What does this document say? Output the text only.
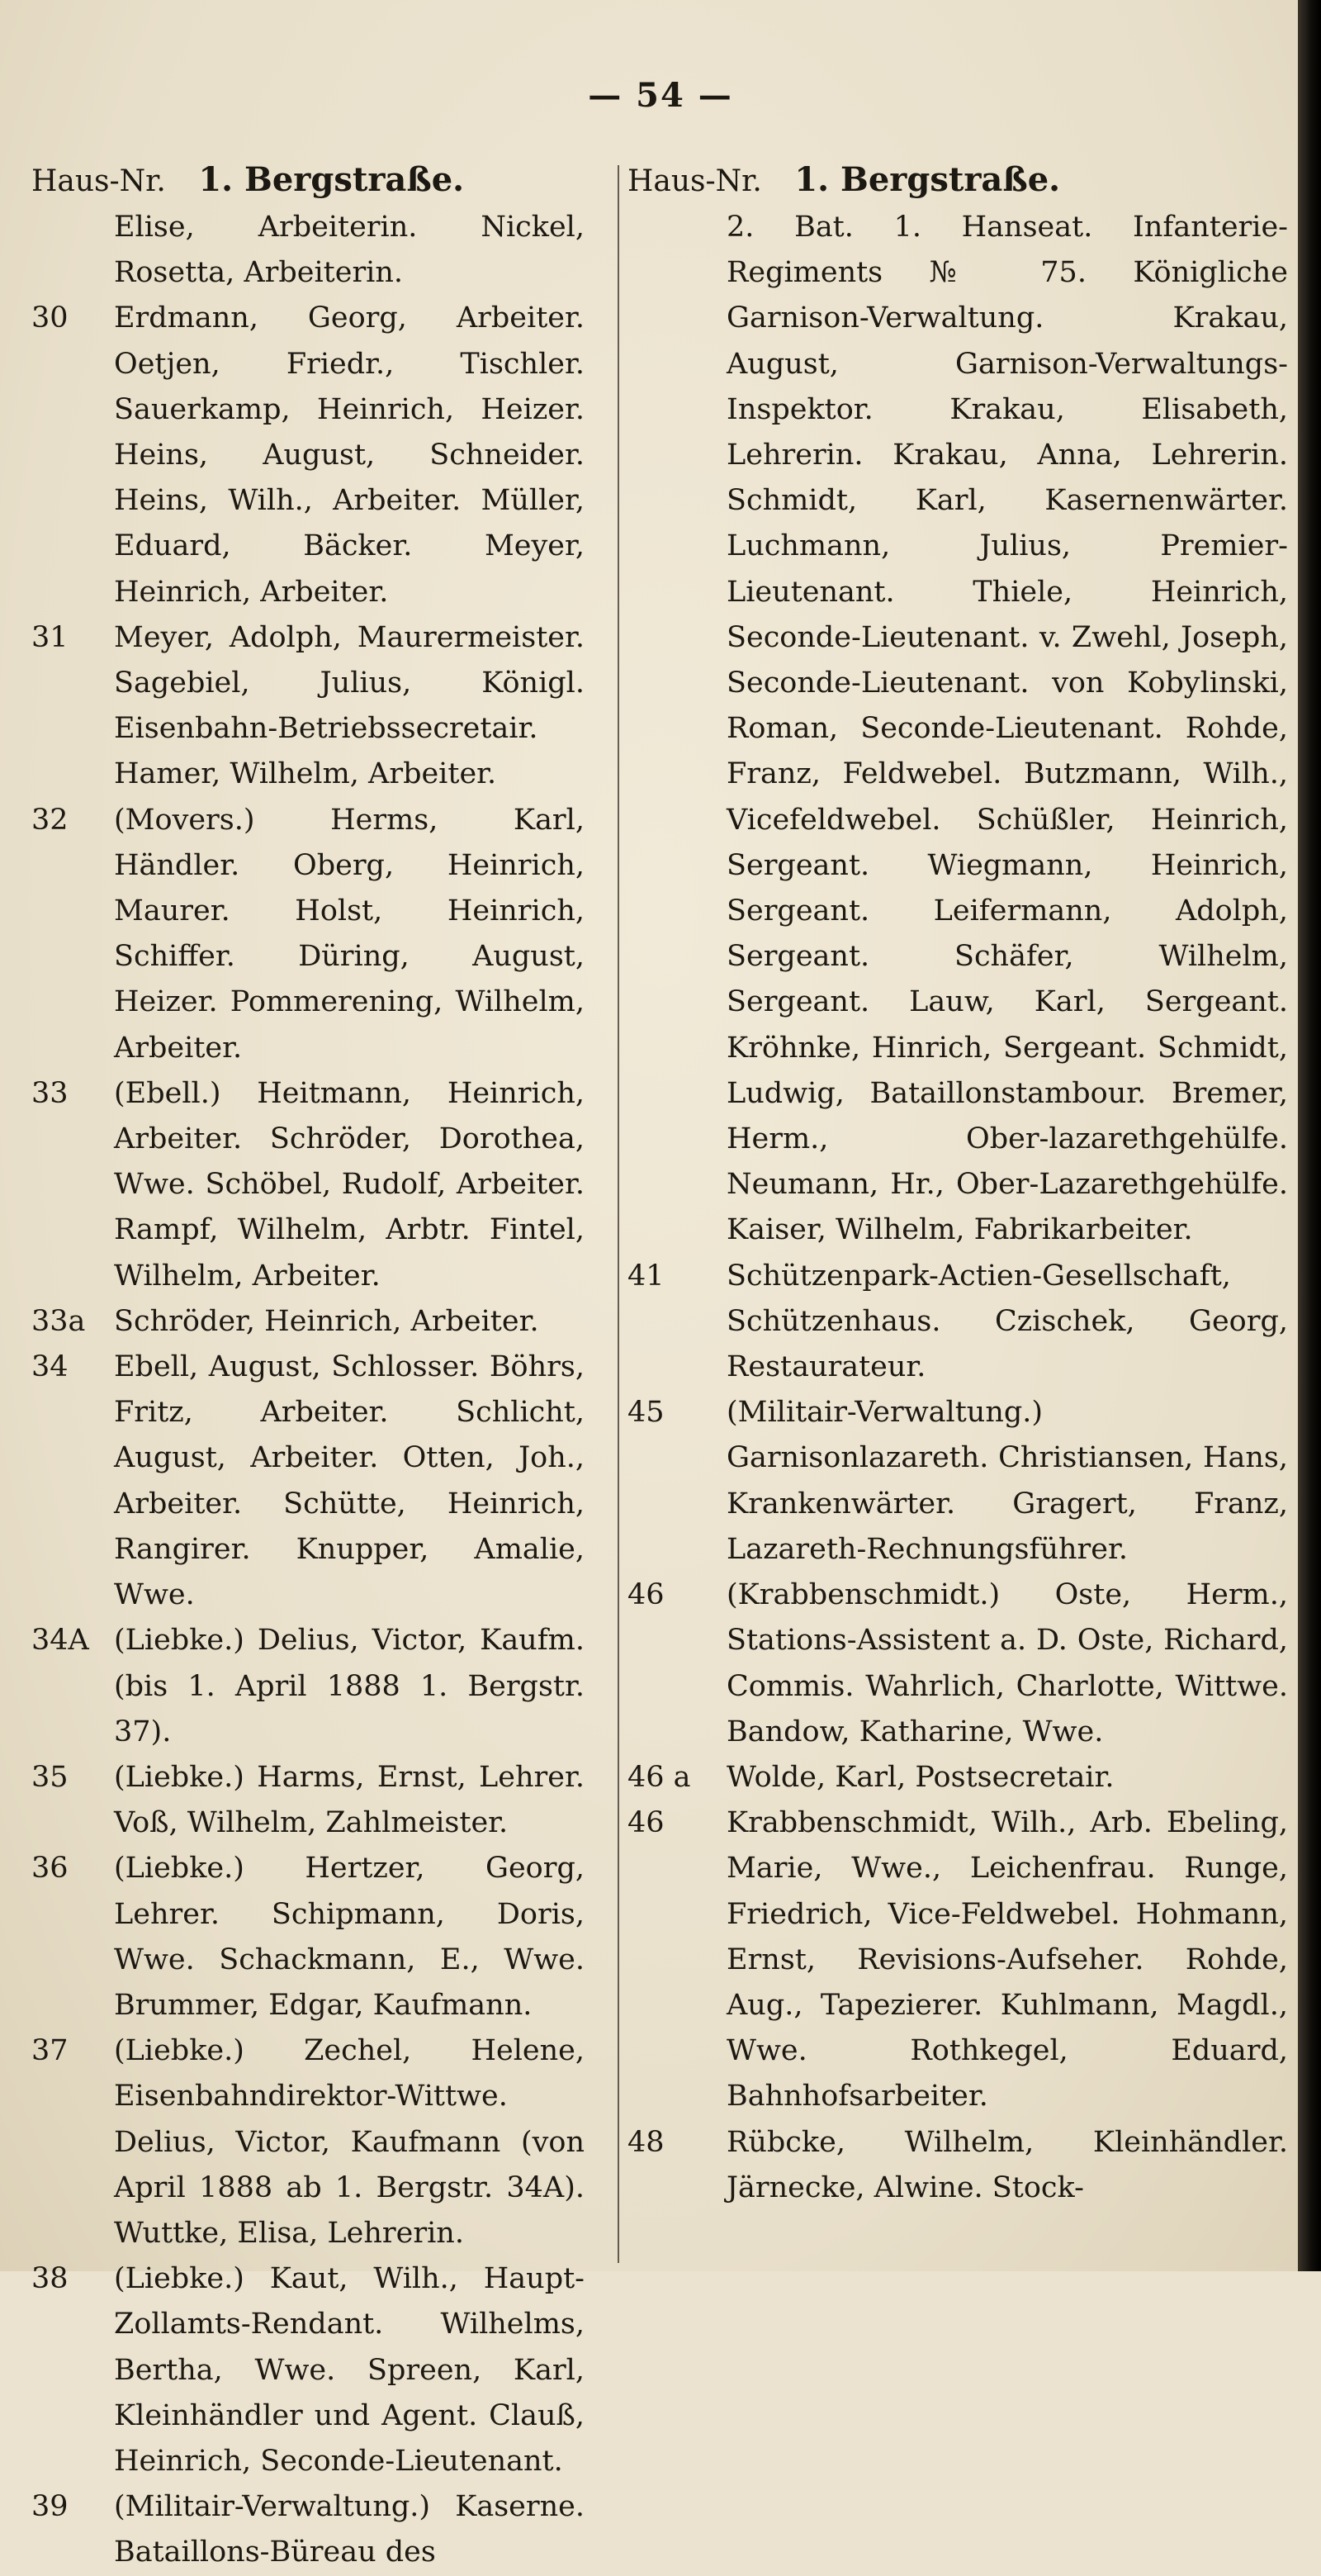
— 54 —
Haus-Nr. 1. Bergstraße.
Elise, Arbeiterin. Nickel, Rosetta, Arbeiterin.
30	Erdmann, Georg, Arbeiter. Oetjen, Friedr., Tischler. Sauerkamp, Heinrich, Heizer. Heins, August, Schneider. Heins, Wilh., Arbeiter. Müller, Eduard, Bäcker. Meyer, Heinrich, Arbeiter.
31	Meyer, Adolph, Maurermeister. Sagebiel, Julius, Königl. Eisenbahn-Betriebssecretair. Hamer, Wilhelm, Arbeiter.
32	(Movers.) Herms, Karl, Händler. Oberg, Heinrich, Maurer. Holst, Heinrich, Schiffer. Düring, August, Heizer. Pommerening, Wilhelm, Arbeiter.
33	(Ebell.) Heitmann, Heinrich, Arbeiter. Schröder, Dorothea, Wwe. Schöbel, Rudolf, Arbeiter. Rampf, Wilhelm, Arbtr. Fintel, Wilhelm, Arbeiter.
33a Schröder, Heinrich, Arbeiter.
34	Ebell, August, Schlosser. Böhrs, Fritz, Arbeiter. Schlicht, August, Arbeiter. Otten, Joh., Arbeiter. Schütte, Heinrich, Rangirer. Knupper, Amalie, Wwe.
34A (Liebke.) Delius, Victor, Kaufm. (bis 1. April 1888 1. Bergstr. 37).
35	(Liebke.) Harms, Ernst, Lehrer. Voß, Wilhelm, Zahlmeister.
36	(Liebke.) Hertzer, Georg, Lehrer. Schipmann, Doris, Wwe. Schackmann, E., Wwe. Brummer, Edgar, Kaufmann.
37	(Liebke.) Zechel, Helene, Eisenbahndirektor-Wittwe. Delius, Victor, Kaufmann (von April 1888 ab 1. Bergstr. 34A). Wuttke, Elisa, Lehrerin.
38	(Liebke.) Kaut, Wilh., Haupt-Zollamts-Rendant. Wilhelms, Bertha, Wwe. Spreen, Karl, Kleinhändler und Agent. Clauß, Heinrich, Seconde-Lieutenant.
39	(Militair-Verwaltung.) Kaserne. Bataillons-Büreau des
Haus-Nr. 1. Bergstraße.
2. Bat. 1. Hanseat. Infanterie-Regiments № 75. Königliche Garnison-Verwaltung. Krakau, August, Garnison-Verwaltungs-Inspektor. Krakau, Elisabeth, Lehrerin. Krakau, Anna, Lehrerin. Schmidt, Karl, Kasernenwärter. Luchmann, Julius, Premier-Lieutenant. Thiele, Heinrich, Seconde-Lieutenant. v. Zwehl, Joseph, Seconde-Lieutenant. von Kobylinski, Roman, Seconde-Lieutenant. Rohde, Franz, Feldwebel. Butzmann, Wilh., Vicefeldwebel. Schüßler, Heinrich, Sergeant. Wiegmann, Heinrich, Sergeant. Leifermann, Adolph, Sergeant. Schäfer, Wilhelm, Sergeant. Lauw, Karl, Sergeant. Kröhnke, Hinrich, Sergeant. Schmidt, Ludwig, Bataillonstambour. Bremer, Herm., Ober-lazarethgehülfe. Neumann, Hr., Ober-Lazarethgehülfe. Kaiser, Wilhelm, Fabrikarbeiter.
41	Schützenpark-Actien-Gesellschaft, Schützenhaus. Czischek, Georg, Restaurateur.
45	(Militair-Verwaltung.) Garnisonlazareth. Christiansen, Hans, Krankenwärter. Gragert, Franz, Lazareth-Rechnungsführer.
46	(Krabbenschmidt.) Oste, Herm., Stations-Assistent a. D. Oste, Richard, Commis. Wahrlich, Charlotte, Wittwe. Bandow, Katharine, Wwe.
46 a	Wolde, Karl, Postsecretair.
46	Krabbenschmidt, Wilh., Arb. Ebeling, Marie, Wwe., Leichenfrau. Runge, Friedrich, Vice-Feldwebel. Hohmann, Ernst, Revisions-Aufseher. Rohde, Aug., Tapezierer. Kuhlmann, Magdl., Wwe. Rothkegel, Eduard, Bahnhofsarbeiter.
48	Rübcke, Wilhelm, Kleinhändler. Järnecke, Alwine. Stock-
